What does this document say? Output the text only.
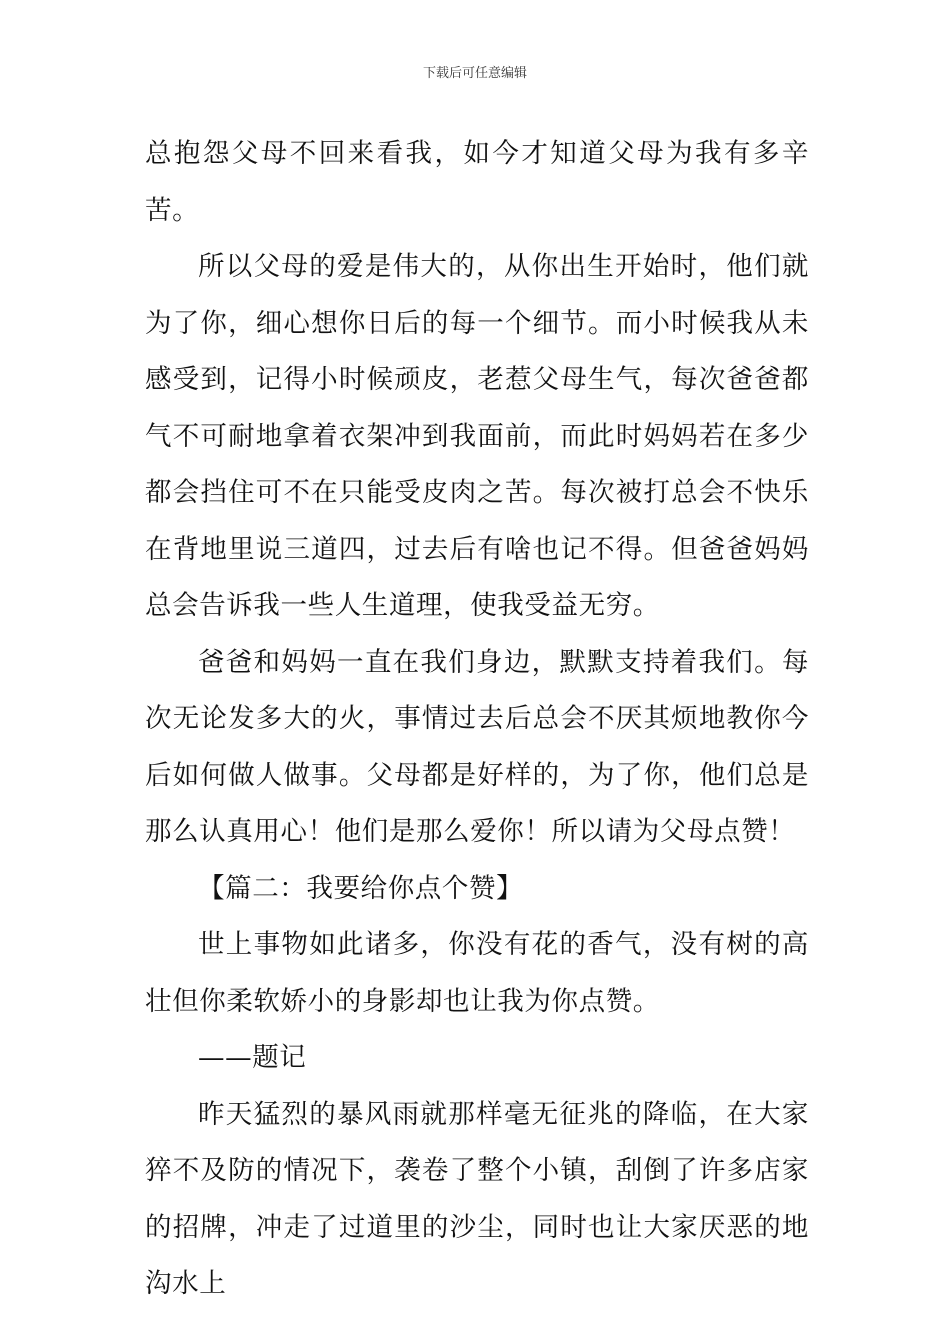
下载后可任意编辑

总抱怨父母不回来看我，如今才知道父母为我有多辛苦。

所以父母的爱是伟大的，从你出生开始时，他们就为了你，细心想你日后的每一个细节。而小时候我从未感受到，记得小时候顽皮，老惹父母生气，每次爸爸都气不可耐地拿着衣架冲到我面前，而此时妈妈若在多少都会挡住可不在只能受皮肉之苦。每次被打总会不快乐在背地里说三道四，过去后有啥也记不得。但爸爸妈妈总会告诉我一些人生道理，使我受益无穷。

爸爸和妈妈一直在我们身边，默默支持着我们。每次无论发多大的火，事情过去后总会不厌其烦地教你今后如何做人做事。父母都是好样的，为了你，他们总是那么认真用心！他们是那么爱你！所以请为父母点赞！

【篇二：我要给你点个赞】

世上事物如此诸多，你没有花的香气，没有树的高壮但你柔软娇小的身影却也让我为你点赞。

——题记

昨天猛烈的暴风雨就那样毫无征兆的降临，在大家猝不及防的情况下，袭卷了整个小镇，刮倒了许多店家的招牌，冲走了过道里的沙尘，同时也让大家厌恶的地沟水上
